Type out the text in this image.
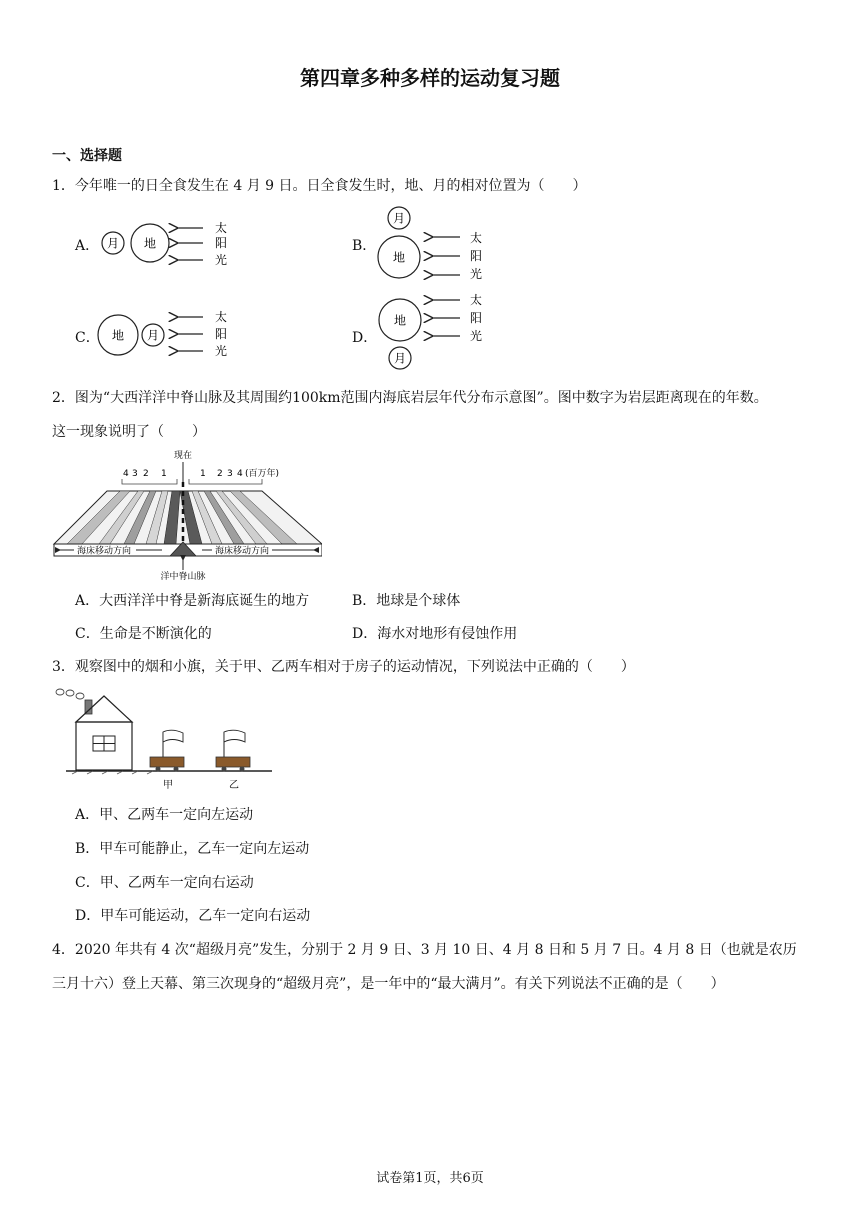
第四章多种多样的运动复习题
一、选择题
1．今年唯一的日全食发生在 4 月 9 日。日全食发生时，地、月的相对位置为（　　）
A． 月 地
太
阳
光
B．
月
地
太
阳
光
C． 地 月
太
阳
光
D．
地
月
太
阳
光
2．图为“大西洋洋中脊山脉及其周围约100km范围内海底岩层年代分布示意图”。图中数字为岩层距离现在的年数。
这一现象说明了（　　）
现在
4 3 2 1	1 2 3 4 (百万年)
海床移动方向	海床移动方向
洋中脊山脉
A．大西洋洋中脊是新海底诞生的地方	B．地球是个球体
C．生命是不断演化的	D．海水对地形有侵蚀作用
3．观察图中的烟和小旗，关于甲、乙两车相对于房子的运动情况，下列说法中正确的（　　）
甲	乙
A．甲、乙两车一定向左运动
B．甲车可能静止，乙车一定向左运动
C．甲、乙两车一定向右运动
D．甲车可能运动，乙车一定向右运动
4．2020 年共有 4 次“超级月亮”发生，分别于 2 月 9 日、3 月 10 日、4 月 8 日和 5 月 7 日。4 月 8 日（也就是农历
三月十六）登上天幕、第三次现身的“超级月亮”，是一年中的“最大满月”。有关下列说法不正确的是（　　）
试卷第1页，共6页
